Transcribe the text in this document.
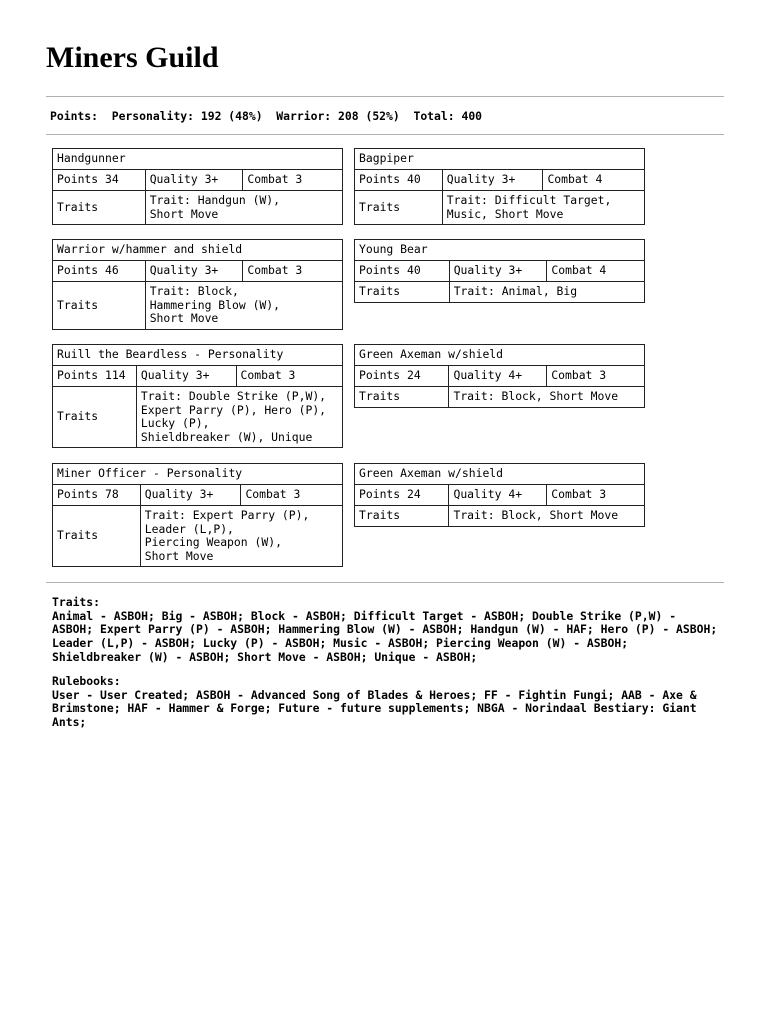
Miners Guild
Points:  Personality: 192 (48%)  Warrior: 208 (52%)  Total: 400
Handgunner		
Points 34	Quality 3+	Combat 3
Traits	Trait: Handgun (W),
Short Move	
Bagpiper		
Points 40	Quality 3+	Combat 4
Traits	Trait: Difficult Target,
Music, Short Move	
Warrior w/hammer and shield		
Points 46	Quality 3+	Combat 3
Traits	Trait: Block,
Hammering Blow (W),
Short Move	
Young Bear		
Points 40	Quality 3+	Combat 4
Traits	Trait: Animal, Big	
Ruill the Beardless - Personality		
Points 114	Quality 3+	Combat 3
Traits	Trait: Double Strike (P,W),
Expert Parry (P), Hero (P),
Lucky (P),
Shieldbreaker (W), Unique	
Green Axeman w/shield		
Points 24	Quality 4+	Combat 3
Traits	Trait: Block, Short Move	
Miner Officer - Personality		
Points 78	Quality 3+	Combat 3
Traits	Trait: Expert Parry (P),
Leader (L,P),
Piercing Weapon (W),
Short Move	
Green Axeman w/shield		
Points 24	Quality 4+	Combat 3
Traits	Trait: Block, Short Move	

Traits:

Animal - ASBOH; Big - ASBOH; Block - ASBOH; Difficult Target - ASBOH; Double Strike (P,W) - ASBOH; Expert Parry (P) - ASBOH; Hammering Blow (W) - ASBOH; Handgun (W) - HAF; Hero (P) - ASBOH; Leader (L,P) - ASBOH; Lucky (P) - ASBOH; Music - ASBOH; Piercing Weapon (W) - ASBOH; Shieldbreaker (W) - ASBOH; Short Move - ASBOH; Unique - ASBOH;

Rulebooks:

User - User Created; ASBOH - Advanced Song of Blades & Heroes; FF - Fightin Fungi; AAB - Axe & Brimstone; HAF - Hammer & Forge; Future - future supplements; NBGA - Norindaal Bestiary: Giant Ants;
